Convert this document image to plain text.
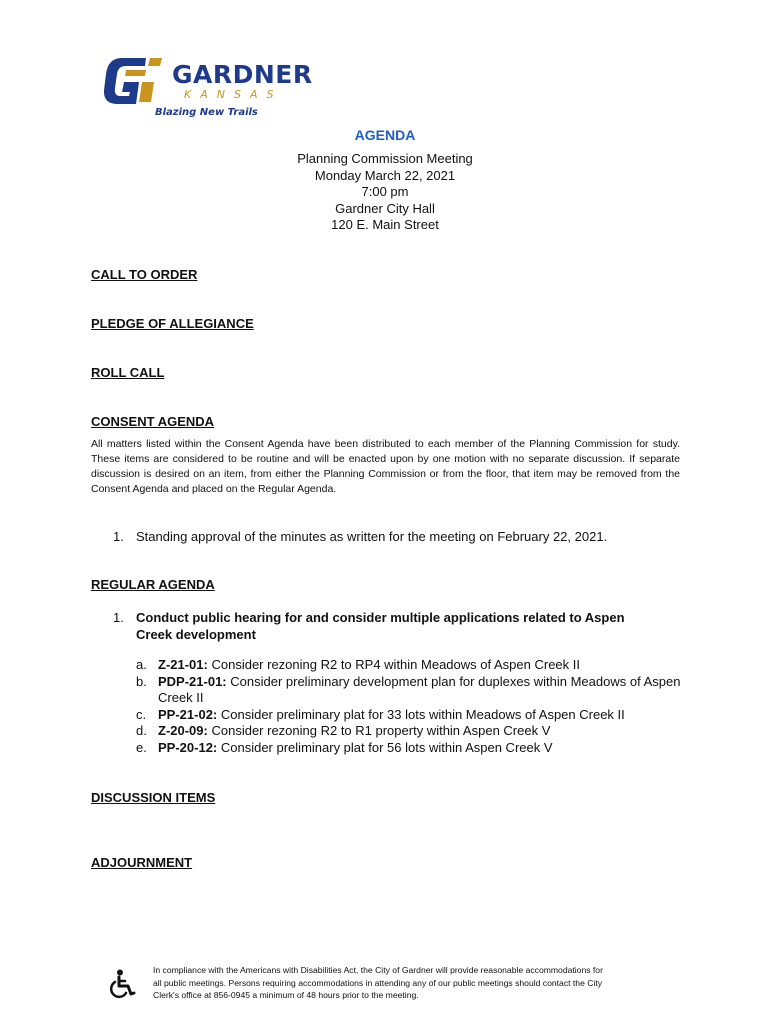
GARDNER
KANSAS
Blazing New Trails
AGENDA
Planning Commission Meeting
Monday March 22, 2021
7:00 pm
Gardner City Hall
120 E. Main Street
CALL TO ORDER
PLEDGE OF ALLEGIANCE
ROLL CALL
CONSENT AGENDA
All matters listed within the Consent Agenda have been distributed to each member of the Planning Commission for study. These items are considered to be routine and will be enacted upon by one motion with no separate discussion. If separate discussion is desired on an item, from either the Planning Commission or from the floor, that item may be removed from the Consent Agenda and placed on the Regular Agenda.
1. Standing approval of the minutes as written for the meeting on February 22, 2021.
REGULAR AGENDA
1. Conduct public hearing for and consider multiple applications related to Aspen
Creek development
a. Z-21-01: Consider rezoning R2 to RP4 within Meadows of Aspen Creek II
b. PDP-21-01: Consider preliminary development plan for duplexes within Meadows of Aspen Creek II
c. PP-21-02: Consider preliminary plat for 33 lots within Meadows of Aspen Creek II
d. Z-20-09: Consider rezoning R2 to R1 property within Aspen Creek V
e. PP-20-12: Consider preliminary plat for 56 lots within Aspen Creek V
DISCUSSION ITEMS
ADJOURNMENT
In compliance with the Americans with Disabilities Act, the City of Gardner will provide reasonable accommodations for
all public meetings. Persons requiring accommodations in attending any of our public meetings should contact the City
Clerk's office at 856-0945 a minimum of 48 hours prior to the meeting.
